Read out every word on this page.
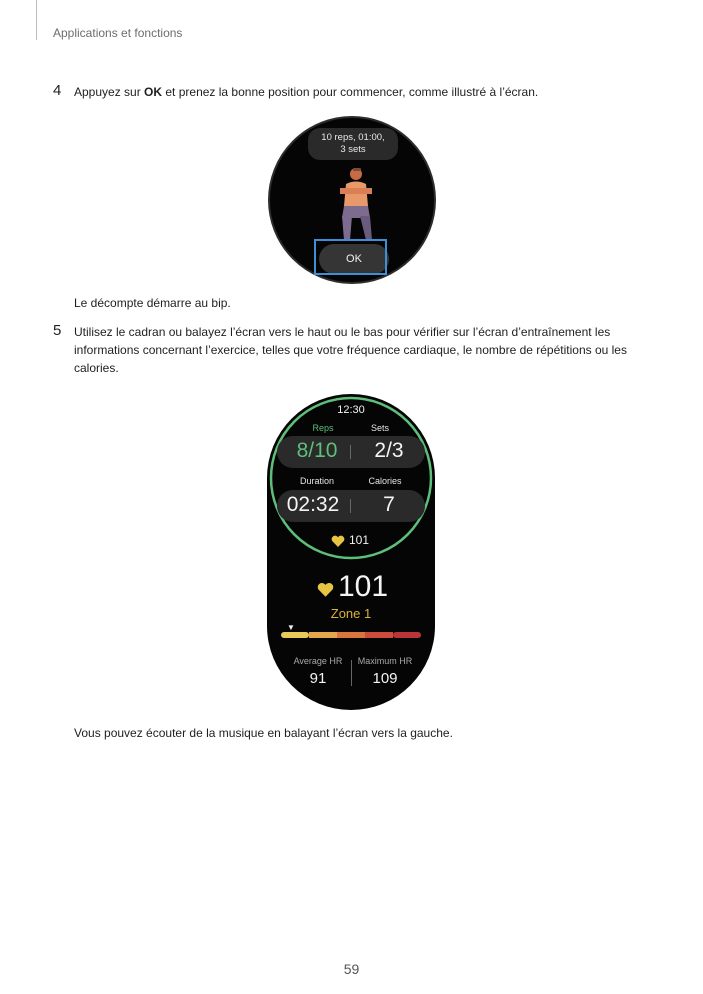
Applications et fonctions
4 Appuyez sur OK et prenez la bonne position pour commencer, comme illustré à l’écran.
10 reps, 01:00,
3 sets
OK
Le décompte démarre au bip.
5 Utilisez le cadran ou balayez l’écran vers le haut ou le bas pour vérifier sur l’écran d’entraînement les
informations concernant l’exercice, telles que votre fréquence cardiaque, le nombre de répétitions ou les
calories.
12:30
Reps	Sets
8/10	2/3
Duration	Calories
02:32	7
101
101
Zone 1
▼
Average HR	Maximum HR
91	109
Vous pouvez écouter de la musique en balayant l’écran vers la gauche.
59
